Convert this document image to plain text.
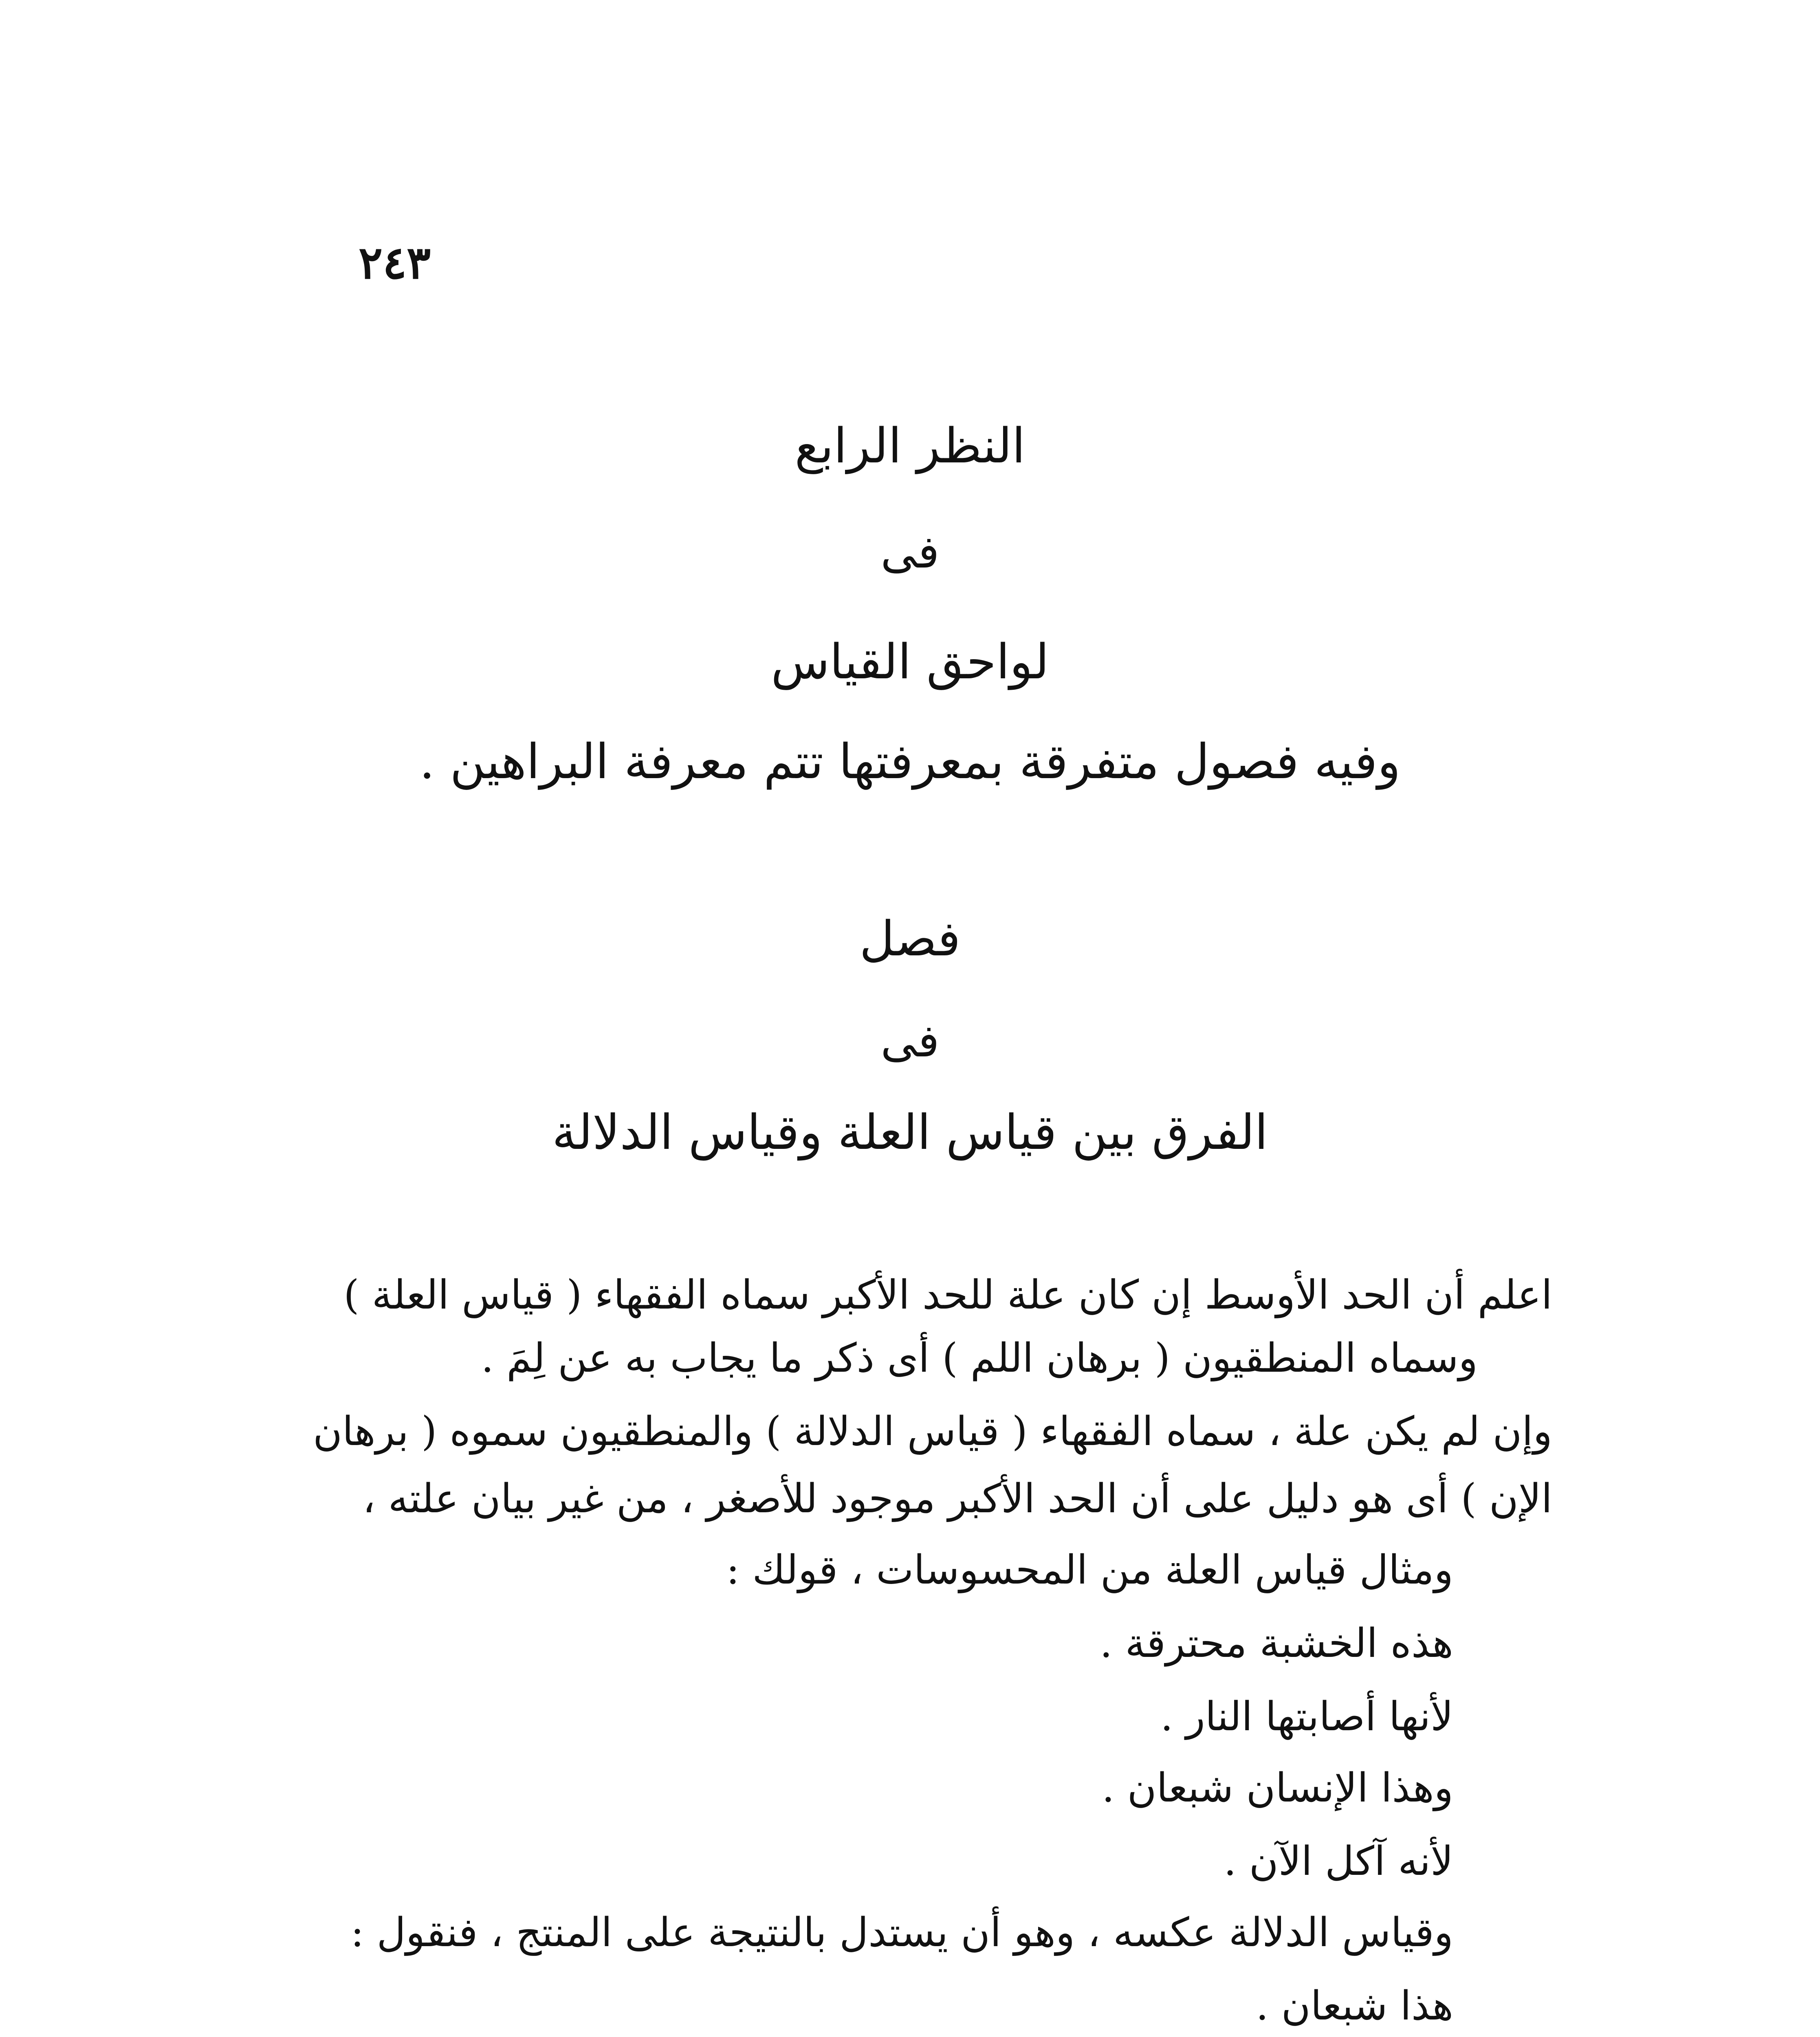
٢٤٣
النظر الرابع
فى
لواحق القياس
وفيه فصول متفرقة بمعرفتها تتم معرفة البراهين .
فصل
فى
الفرق بين قياس العلة وقياس الدلالة
اعلم أن الحد الأوسط إن كان علة للحد الأكبر سماه الفقهاء ( قياس العلة )
وسماه المنطقيون ( برهان اللم ) أى ذكر ما يجاب به عن لِمَ .
وإن لم يكن علة ، سماه الفقهاء ( قياس الدلالة ) والمنطقيون سموه ( برهان
الإن ) أى هو دليل على أن الحد الأكبر موجود للأصغر ، من غير بيان علته ،
ومثال قياس العلة من المحسوسات ، قولك :
هذه الخشبة محترقة .
لأنها أصابتها النار .
وهذا الإنسان شبعان .
لأنه آكل الآن .
وقياس الدلالة عكسه ، وهو أن يستدل بالنتيجة على المنتج ، فنقول :
هذا شبعان .
